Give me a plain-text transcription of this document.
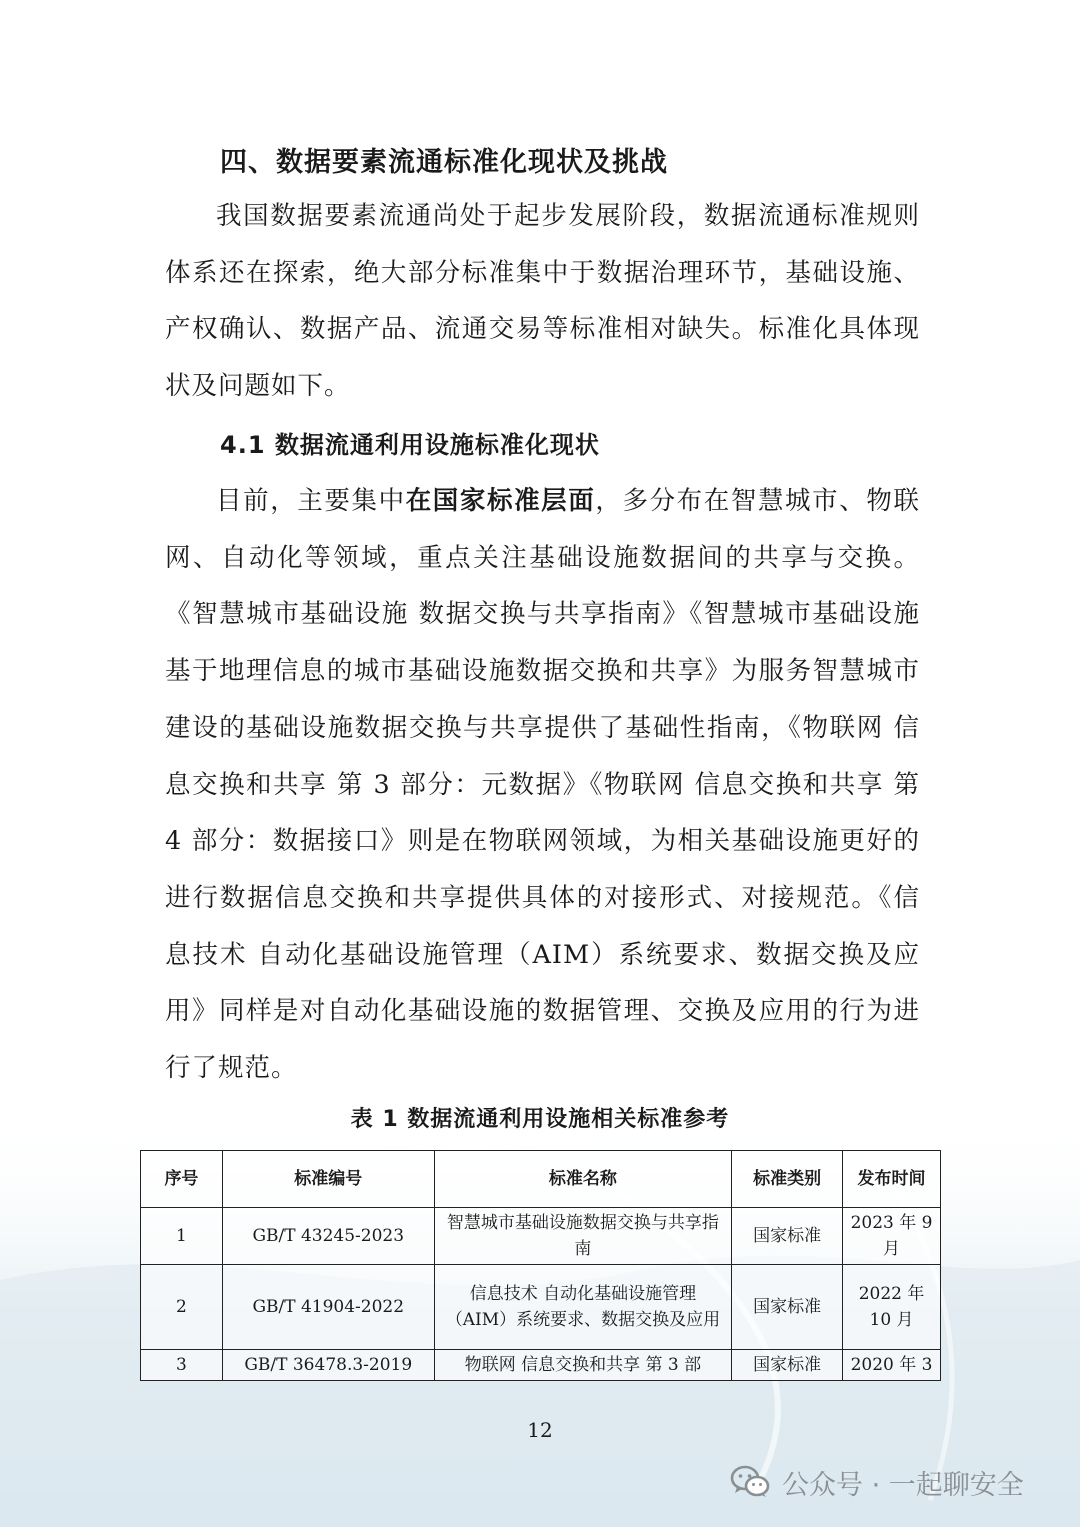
四、数据要素流通标准化现状及挑战

我国数据要素流通尚处于起步发展阶段，数据流通标准规则体系还在探索，绝大部分标准集中于数据治理环节，基础设施、产权确认、数据产品、流通交易等标准相对缺失。标准化具体现状及问题如下。

4.1 数据流通利用设施标准化现状

目前，主要集中在国家标准层面，多分布在智慧城市、物联网、自动化等领域，重点关注基础设施数据间的共享与交换。《智慧城市基础设施 数据交换与共享指南》《智慧城市基础设施 基于地理信息的城市基础设施数据交换和共享》为服务智慧城市建设的基础设施数据交换与共享提供了基础性指南，《物联网 信息交换和共享 第 3 部分：元数据》《物联网 信息交换和共享 第 4 部分：数据接口》则是在物联网领域，为相关基础设施更好的进行数据信息交换和共享提供具体的对接形式、对接规范。《信息技术 自动化基础设施管理（AIM）系统要求、数据交换及应用》同样是对自动化基础设施的数据管理、交换及应用的行为进行了规范。

表 1 数据流通利用设施相关标准参考
序号	标准编号	标准名称	标准类别	发布时间
1	GB/T 43245-2023	智慧城市基础设施数据交换与共享指南	国家标准	2023 年 9 月
2	GB/T 41904-2022	信息技术 自动化基础设施管理（AIM）系统要求、数据交换及应用	国家标准	2022 年 10 月
3	GB/T 36478.3-2019	物联网 信息交换和共享 第 3 部	国家标准	2020 年 3
12
公众号 · 一起聊安全
